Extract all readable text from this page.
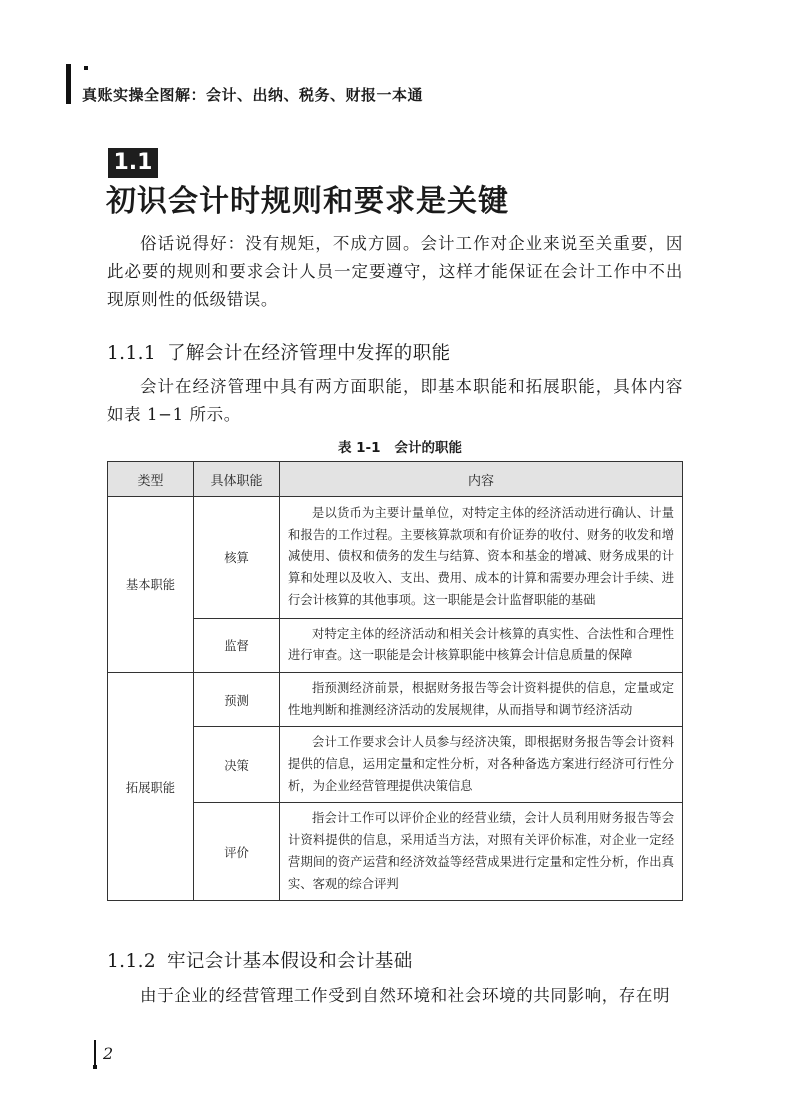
真账实操全图解：会计、出纳、税务、财报一本通
1.1
初识会计时规则和要求是关键
俗话说得好：没有规矩，不成方圆。会计工作对企业来说至关重要，因此必要的规则和要求会计人员一定要遵守，这样才能保证在会计工作中不出现原则性的低级错误。
1.1.1 了解会计在经济管理中发挥的职能
会计在经济管理中具有两方面职能，即基本职能和拓展职能，具体内容如表 1−1 所示。
表 1-1 会计的职能
类型	具体职能	内容
基本职能	核算	是以货币为主要计量单位，对特定主体的经济活动进行确认、计量和报告的工作过程。主要核算款项和有价证券的收付、财务的收发和增减使用、债权和债务的发生与结算、资本和基金的增减、财务成果的计算和处理以及收入、支出、费用、成本的计算和需要办理会计手续、进行会计核算的其他事项。这一职能是会计监督职能的基础
	监督	对特定主体的经济活动和相关会计核算的真实性、合法性和合理性进行审查。这一职能是会计核算职能中核算会计信息质量的保障
拓展职能	预测	指预测经济前景，根据财务报告等会计资料提供的信息，定量或定性地判断和推测经济活动的发展规律，从而指导和调节经济活动
	决策	会计工作要求会计人员参与经济决策，即根据财务报告等会计资料提供的信息，运用定量和定性分析，对各种备选方案进行经济可行性分析，为企业经营管理提供决策信息
	评价	指会计工作可以评价企业的经营业绩，会计人员利用财务报告等会计资料提供的信息，采用适当方法，对照有关评价标准，对企业一定经营期间的资产运营和经济效益等经营成果进行定量和定性分析，作出真实、客观的综合评判
1.1.2 牢记会计基本假设和会计基础
由于企业的经营管理工作受到自然环境和社会环境的共同影响，存在明
2
